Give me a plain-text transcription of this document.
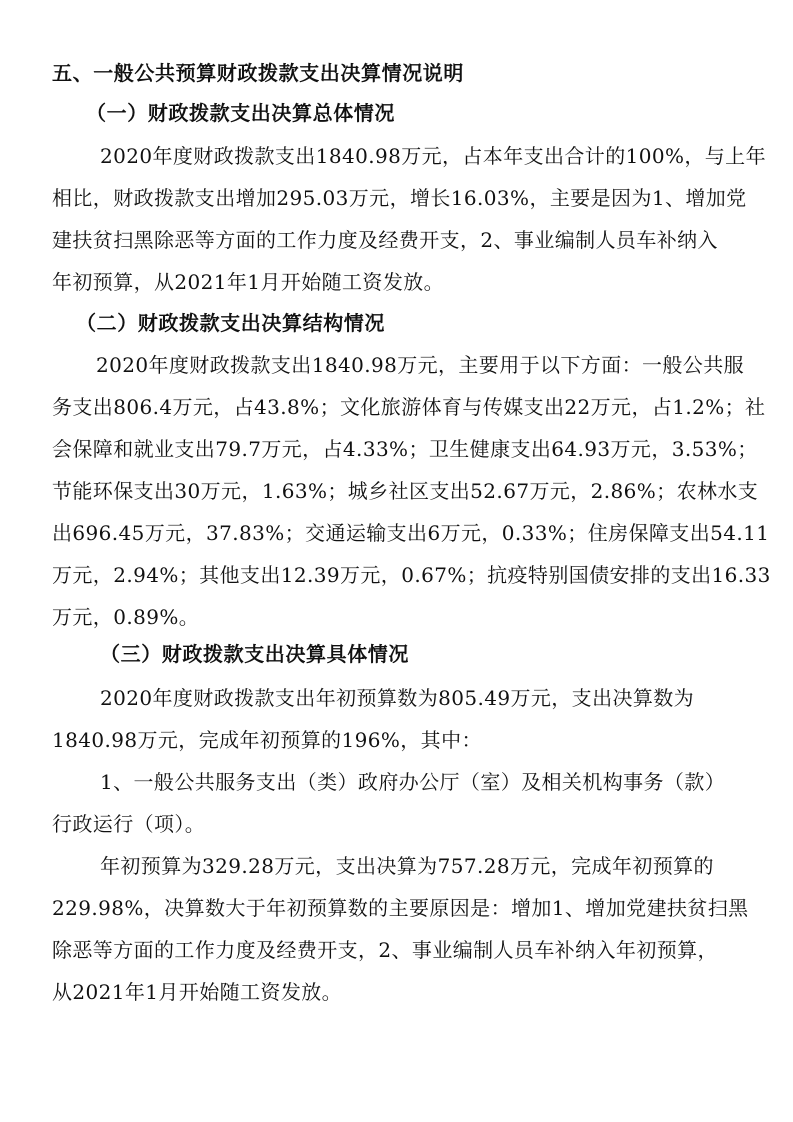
五、一般公共预算财政拨款支出决算情况说明

（一）财政拨款支出决算总体情况

2020年度财政拨款支出1840.98万元，占本年支出合计的100%，与上年

相比，财政拨款支出增加295.03万元，增长16.03%，主要是因为1、增加党

建扶贫扫黑除恶等方面的工作力度及经费开支，2、事业编制人员车补纳入

年初预算，从2021年1月开始随工资发放。

（二）财政拨款支出决算结构情况

2020年度财政拨款支出1840.98万元，主要用于以下方面：一般公共服

务支出806.4万元，占43.8%；文化旅游体育与传媒支出22万元，占1.2%；社

会保障和就业支出79.7万元，占4.33%；卫生健康支出64.93万元，3.53%；

节能环保支出30万元，1.63%；城乡社区支出52.67万元，2.86%；农林水支

出696.45万元，37.83%；交通运输支出6万元，0.33%；住房保障支出54.11

万元，2.94%；其他支出12.39万元，0.67%；抗疫特别国债安排的支出16.33

万元，0.89%。

（三）财政拨款支出决算具体情况

2020年度财政拨款支出年初预算数为805.49万元，支出决算数为

1840.98万元，完成年初预算的196%，其中：

1、一般公共服务支出（类）政府办公厅（室）及相关机构事务（款）

行政运行（项）。

年初预算为329.28万元，支出决算为757.28万元，完成年初预算的

229.98%，决算数大于年初预算数的主要原因是：增加1、增加党建扶贫扫黑

除恶等方面的工作力度及经费开支，2、事业编制人员车补纳入年初预算，

从2021年1月开始随工资发放。
